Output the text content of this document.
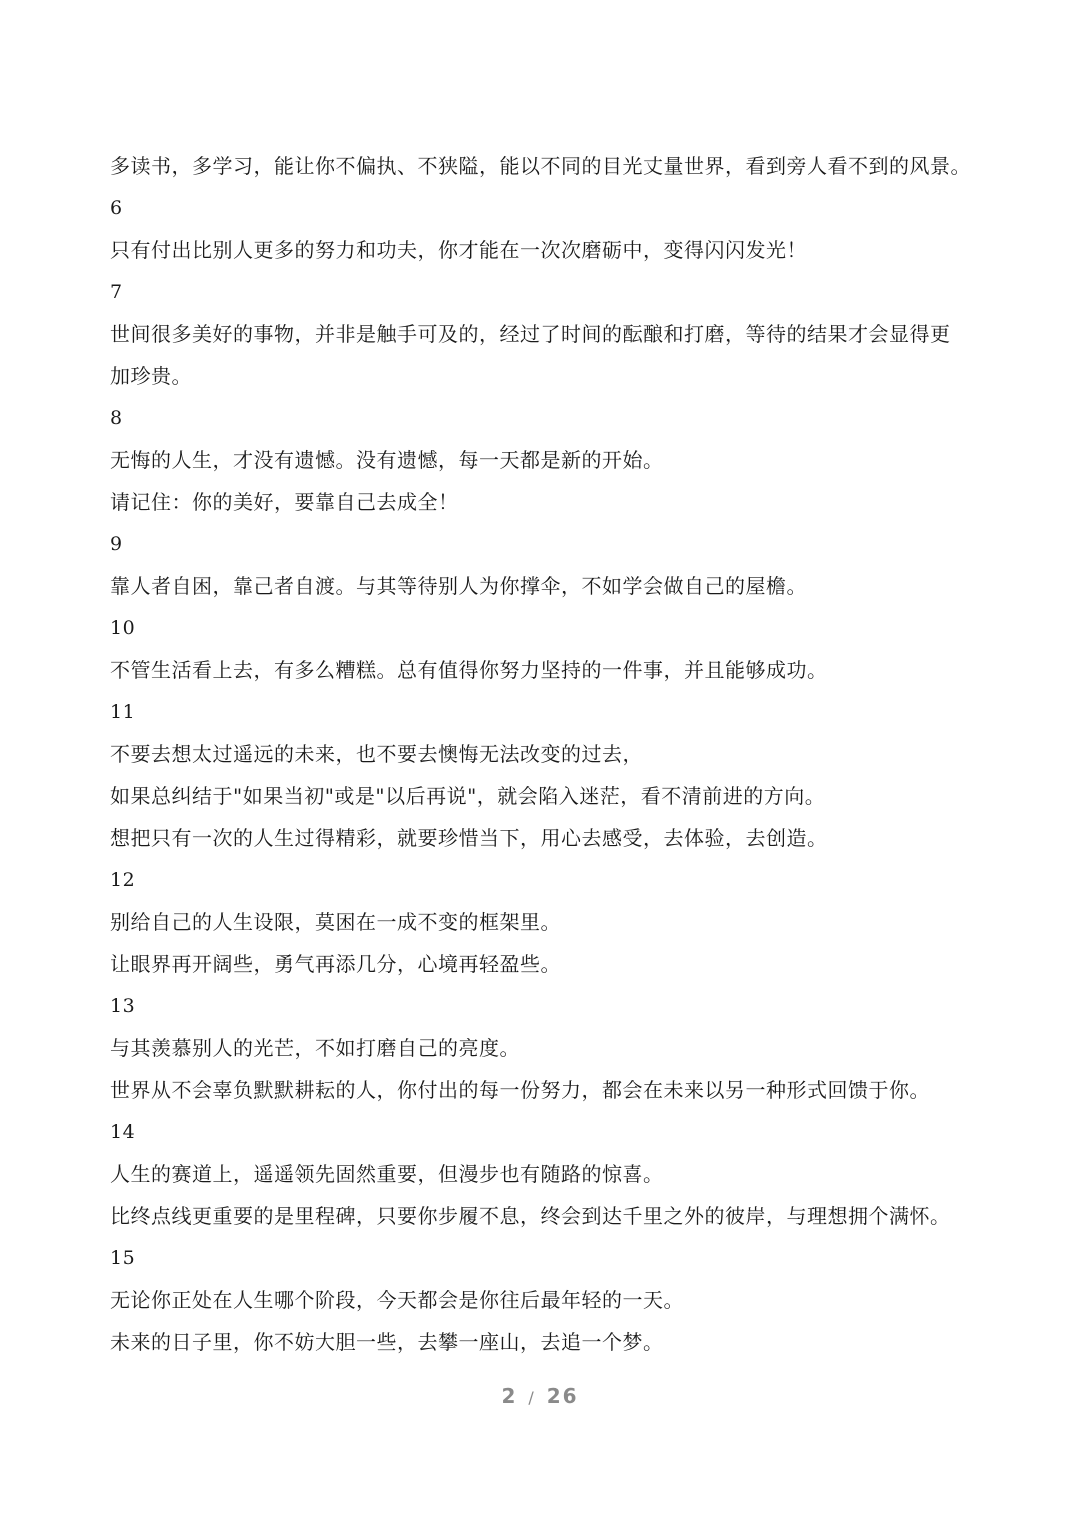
多读书，多学习，能让你不偏执、不狭隘，能以不同的目光丈量世界，看到旁人看不到的风景。
6
只有付出比别人更多的努力和功夫，你才能在一次次磨砺中，变得闪闪发光！
7
世间很多美好的事物，并非是触手可及的，经过了时间的酝酿和打磨，等待的结果才会显得更
加珍贵。
8
无悔的人生，才没有遗憾。没有遗憾，每一天都是新的开始。
请记住：你的美好，要靠自己去成全！
9
靠人者自困，靠己者自渡。与其等待别人为你撑伞，不如学会做自己的屋檐。
10
不管生活看上去，有多么糟糕。总有值得你努力坚持的一件事，并且能够成功。
11
不要去想太过遥远的未来，也不要去懊悔无法改变的过去，
如果总纠结于"如果当初"或是"以后再说"，就会陷入迷茫，看不清前进的方向。
想把只有一次的人生过得精彩，就要珍惜当下，用心去感受，去体验，去创造。
12
别给自己的人生设限，莫困在一成不变的框架里。
让眼界再开阔些，勇气再添几分，心境再轻盈些。
13
与其羡慕别人的光芒，不如打磨自己的亮度。
世界从不会辜负默默耕耘的人，你付出的每一份努力，都会在未来以另一种形式回馈于你。
14
人生的赛道上，遥遥领先固然重要，但漫步也有随路的惊喜。
比终点线更重要的是里程碑，只要你步履不息，终会到达千里之外的彼岸，与理想拥个满怀。
15
无论你正处在人生哪个阶段，今天都会是你往后最年轻的一天。
未来的日子里，你不妨大胆一些，去攀一座山，去追一个梦。
2 / 26
